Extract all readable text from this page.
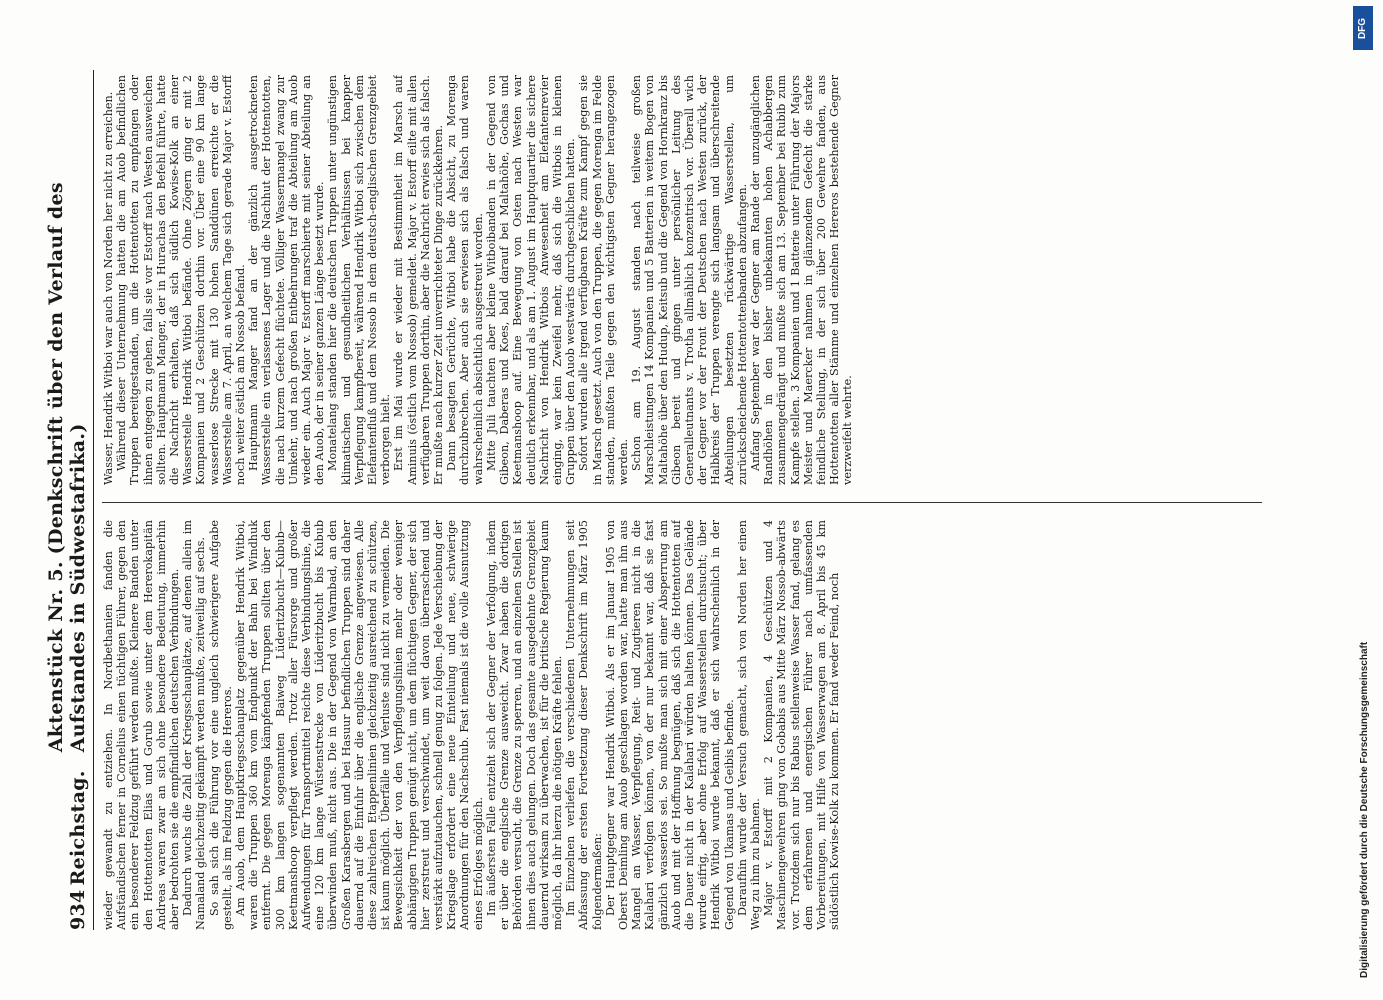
934
Reichstag.
Aktenstück Nr. 5. (Denkschrift über den Verlauf des Aufstandes in Südwestafrika.) wieder gewandt zu entziehen. In Nordbethanien fanden die Aufständischen ferner in Cornelius einen tüchtigen Führer, gegen den ein besonderer Feldzug geführt werden mußte. Kleinere Banden unter den Hottentotten Elias und Gorub sowie unter dem Hererokapitän Andreas waren zwar an sich ohne besondere Bedeutung, immerhin aber bedrohten sie die empfindlichen deutschen Verbindungen. Dadurch wuchs die Zahl der Kriegsschauplätze, auf denen allein im Namaland gleichzeitig gekämpft werden mußte, zeitweilig auf sechs. So sah sich die Führung vor eine ungleich schwierigere Aufgabe gestellt, als im Feldzug gegen die Hereros. Am Auob, dem Hauptkriegsschauplatz gegenüber Hendrik Witboi, waren die Truppen 360 km vom Endpunkt der Bahn bei Windhuk entfernt. Die gegen Morenga kämpfenden Truppen sollten über den 300 km langen sogenannten Baiweg Lüderitzbucht—Kubub—Keetmanshoop verpflegt werden. Trotz aller Fürsorge und großer Aufwendungen für Transportmittel reichte diese Verbindungslinie, die eine 120 km lange Wüstenstrecke von Lüderitzbucht bis Kubub überwinden muß, nicht aus. Die in der Gegend von Warmbad, an den Großen Karasbergen und bei Hasuur befindlichen Truppen sind daher dauernd auf die Einfuhr über die englische Grenze angewiesen. Alle diese zahlreichen Etappenlinien gleichzeitig ausreichend zu schützen, ist kaum möglich. Überfälle und Verluste sind nicht zu vermeiden. Die Bewegsichkeit der von den Verpflegungslinien mehr oder weniger abhängigen Truppen genügt nicht, um dem flüchtigen Gegner, der sich hier zerstreut und verschwindet, um weit davon überraschend und verstärkt aufzutauchen, schnell genug zu folgen. Jede Verschiebung der Kriegslage erfordert eine neue Einteilung und neue, schwierige Anordnungen für den Nachschub. Fast niemals ist die volle Ausnutzung eines Erfolges möglich. Im äußersten Falle entzieht sich der Gegner der Verfolgung, indem er über die englische Grenze ausweicht. Zwar haben die dortigen Behörden versucht, die Grenze zu sperren, und an einzelnen Stellen ist ihnen dies auch gelungen. Doch das gesamte ausgedehnte Grenzgebiet dauernd wirksam zu überwachen, ist für die britische Regierung kaum möglich, da ihr hierzu die nötigen Kräfte fehlen. Im Einzelnen verliefen die verschiedenen Unternehmungen seit Abfassung der ersten Fortsetzung dieser Denkschrift im März 1905 folgendermaßen: Der Hauptgegner war Hendrik Witboi. Als er im Januar 1905 von Oberst Deimling am Auob geschlagen worden war, hatte man ihn aus Mangel an Wasser, Verpflegung, Reit- und Zugtieren nicht in die Kalahari verfolgen können, von der nur bekannt war, daß sie fast gänzlich wasserlos sei. So mußte man sich mit einer Absperrung am Auob und mit der Hoffnung begnügen, daß sich die Hottentotten auf die Dauer nicht in der Kalahari würden halten können. Das Gelände wurde eifrig, aber ohne Erfolg auf Wasserstellen durchsucht; über Hendrik Witboi wurde bekannt, daß er sich wahrscheinlich in der Gegend von Ukamas und Geibis befinde. Daraufhin wurde der Versuch gemacht, sich von Norden her einen Weg zu ihm zu bahnen. Major v. Estorff mit 2 Kompanien, 4 Geschützen und 4 Maschinengewehren ging von Gobabis aus Mitte März Nossob-abwärts vor. Trotzdem sich nur bis Rabus stellenweise Wasser fand, gelang es dem erfahrenen und energischen Führer nach umfassenden Vorbereitungen, mit Hilfe von Wasserwagen am 8. April bis 45 km südöstlich Kowise-Kolk zu kommen. Er fand weder Feind, noch

Wasser, Hendrik Witboi war auch von Norden her nicht zu erreichen. Während dieser Unternehmung hatten die am Auob befindlichen Truppen bereitgestanden, um die Hottentotten zu empfangen oder ihnen entgegen zu gehen, falls sie vor Estorff nach Westen ausweichen sollten. Hauptmann Manger, der in Hurachas den Befehl führte, hatte die Nachricht erhalten, daß sich südlich Kowise-Kolk an einer Wasserstelle Hendrik Witboi befände. Ohne Zögern ging er mit 2 Kompanien und 2 Geschützen dorthin vor. Über eine 90 km lange wasserlose Strecke mit 130 hohen Sanddünen erreichte er die Wasserstelle am 7. April, an welchem Tage sich gerade Major v. Estorff noch weiter östlich am Nossob befand. Hauptmann Manger fand an der gänzlich ausgetrockneten Wasserstelle ein verlassenes Lager und die Nachhut der Hottentotten, die nach kurzem Gefecht flüchtete. Völliger Wassermangel zwang zur Umkehr, und nach großen Entbehrungen traf die Abteilung am Auob wieder ein. Auch Major v. Estorff marschierte mit seiner Abteilung an den Auob, der in seiner ganzen Länge besetzt wurde. Monatelang standen hier die deutschen Truppen unter ungünstigen klimatischen und gesundheitlichen Verhältnissen bei knapper Verpflegung kampfbereit, während Hendrik Witboi sich zwischen dem Elefantenfluß und dem Nossob in dem deutsch-englischen Grenzgebiet verborgen hielt. Erst im Mai wurde er wieder mit Bestimmtheit im Marsch auf Aminuis (östlich vom Nossob) gemeldet. Major v. Estorff eilte mit allen verfügbaren Truppen dorthin, aber die Nachricht erwies sich als falsch. Er mußte nach kurzer Zeit unverrichteter Dinge zurückkehren. Dann besagten Gerüchte, Witboi habe die Absicht, zu Morenga durchzubrechen. Aber auch sie erwiesen sich als falsch und waren wahrscheinlich absichtlich ausgestreut worden. Mitte Juli tauchten aber kleine Witboibanden in der Gegend von Gibeon, Daberas und Koes, bald darauf bei Maltahöhe, Gochas und Keetmanshoop auf. Eine Bewegung von Osten nach Westen war deutlich erkennbar, und als am 1. August im Hauptquartier die sichere Nachricht von Hendrik Witbois Anwesenheit am Elefantenrevier einging, war kein Zweifel mehr, daß sich die Witbois in kleinen Gruppen über den Auob westwärts durchgeschlichen hatten. Sofort wurden alle irgend verfügbaren Kräfte zum Kampf gegen sie in Marsch gesetzt. Auch von den Truppen, die gegen Morenga im Felde standen, mußten Teile gegen den wichtigsten Gegner herangezogen werden. Schon am 19. August standen nach teilweise großen Marschleistungen 14 Kompanien und 5 Batterien in weitem Bogen von Maltahöhe über den Hudup, Keitsub und die Gegend von Hornkranz bis Gibeon bereit und gingen unter persönlicher Leitung des Generalleutnants v. Trotha allmählich konzentrisch vor. Überall wich der Gegner vor der Front der Deutschen nach Westen zurück, der Halbkreis der Truppen verengte sich langsam und überschreitende Abteilungen besetzten rückwärtige Wasserstellen, um zurückscheichende Hottentottenbanden abzufangen. Anfang September war der Gegner am Rande der unzugänglichen Randhöhen in den bisher unbekannten hohen Achabbergen zusammengedrängt und mußte sich am 13. September bei Rubib zum Kampfe stellen. 3 Kompanien und 1 Batterie unter Führung der Majors Meister und Maercker nahmen in glänzendem Gefecht die starke feindliche Stellung, in der sich über 200 Gewehre fanden, aus Hottentotten aller Stämme und einzelnen Hereros bestehende Gegner verzweifelt wehrte.

DFG
Digitalisierung gefördert durch die Deutsche Forschungsgemeinschaft
